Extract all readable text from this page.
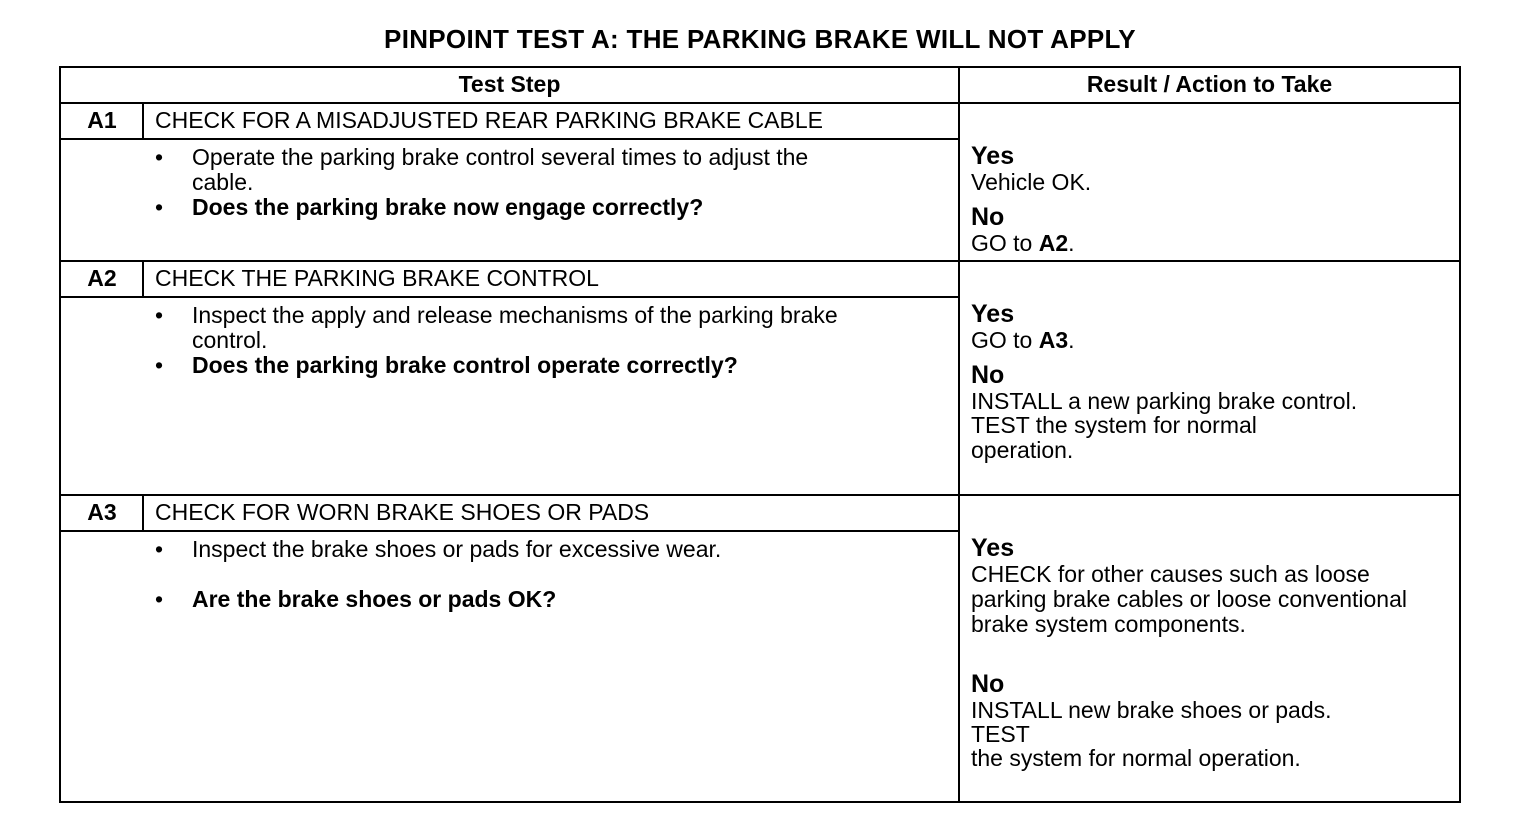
PINPOINT TEST A: THE PARKING BRAKE WILL NOT APPLY
Test Step	Result / Action to Take
A1	CHECK FOR A MISADJUSTED REAR PARKING BRAKE CABLE
• Operate the parking brake control several times to adjust the
cable.
• Does the parking brake now engage correctly?
Yes
Vehicle OK.
No
GO to A2.
A2	CHECK THE PARKING BRAKE CONTROL
• Inspect the apply and release mechanisms of the parking brake
control.
• Does the parking brake control operate correctly?
Yes
GO to A3.
No
INSTALL a new parking brake control.
TEST the system for normal
operation.
A3	CHECK FOR WORN BRAKE SHOES OR PADS
• Inspect the brake shoes or pads for excessive wear.
• Are the brake shoes or pads OK?
Yes
CHECK for other causes such as loose
parking brake cables or loose conventional
brake system components.
No
INSTALL new brake shoes or pads.
TEST
the system for normal operation.
